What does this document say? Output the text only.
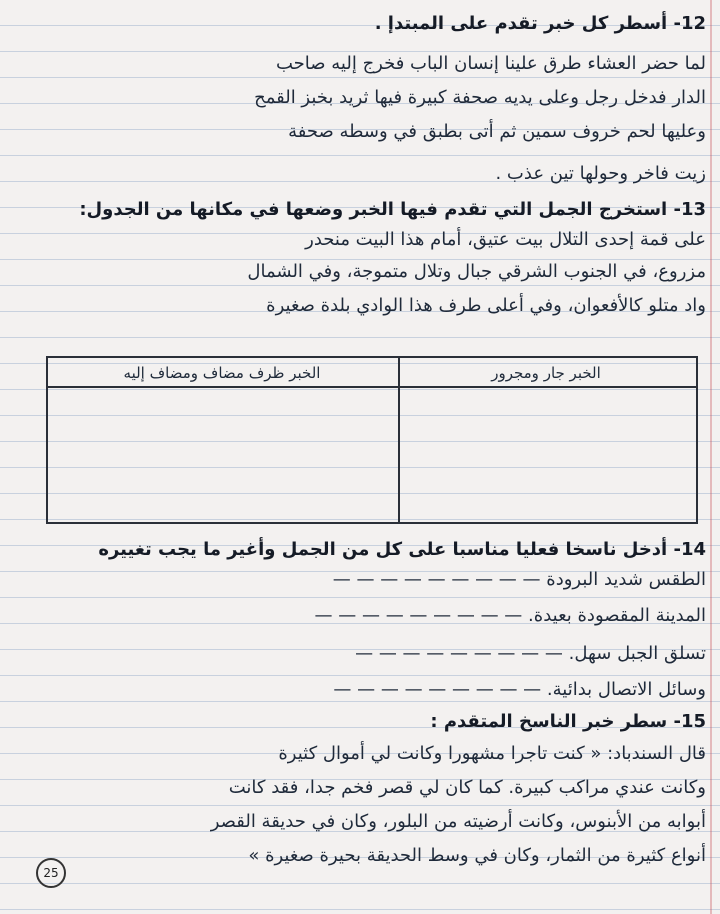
12- أسطر كل خبر تقدم على المبتدإ .
لما حضر العشاء طرق علينا إنسان الباب فخرج إليه صاحب
الدار فدخل رجل وعلى يديه صحفة كبيرة فيها ثريد بخبز القمح
وعليها لحم خروف سمين ثم أتى بطبق في وسطه صحفة
زيت فاخر وحولها تين عذب .
13- استخرج الجمل التي تقدم فيها الخبر وضعها في مكانها من الجدول:
على قمة إحدى التلال بيت عتيق، أمام هذا البيت منحدر
مزروع، في الجنوب الشرقي جبال وتلال متموجة، وفي الشمال
واد متلو كالأفعوان، وفي أعلى طرف هذا الوادي بلدة صغيرة
الخبر جار ومجرور
الخبر ظرف مضاف ومضاف إليه
14- أدخل ناسخا فعليا مناسبا على كل من الجمل وأغير ما يجب تغييره
الطقس شديد البرودة — — — — — — — — —
المدينة المقصودة بعيدة. — — — — — — — — —
تسلق الجبل سهل. — — — — — — — — —
وسائل الاتصال بدائية. — — — — — — — — —
15- سطر خبر الناسخ المتقدم :
قال السندباد: « كنت تاجرا مشهورا وكانت لي أموال كثيرة
وكانت عندي مراكب كبيرة. كما كان لي قصر فخم جدا، فقد كانت
أبوابه من الأبنوس، وكانت أرضيته من البلور، وكان في حديقة القصر
أنواع كثيرة من الثمار، وكان في وسط الحديقة بحيرة صغيرة »
25
